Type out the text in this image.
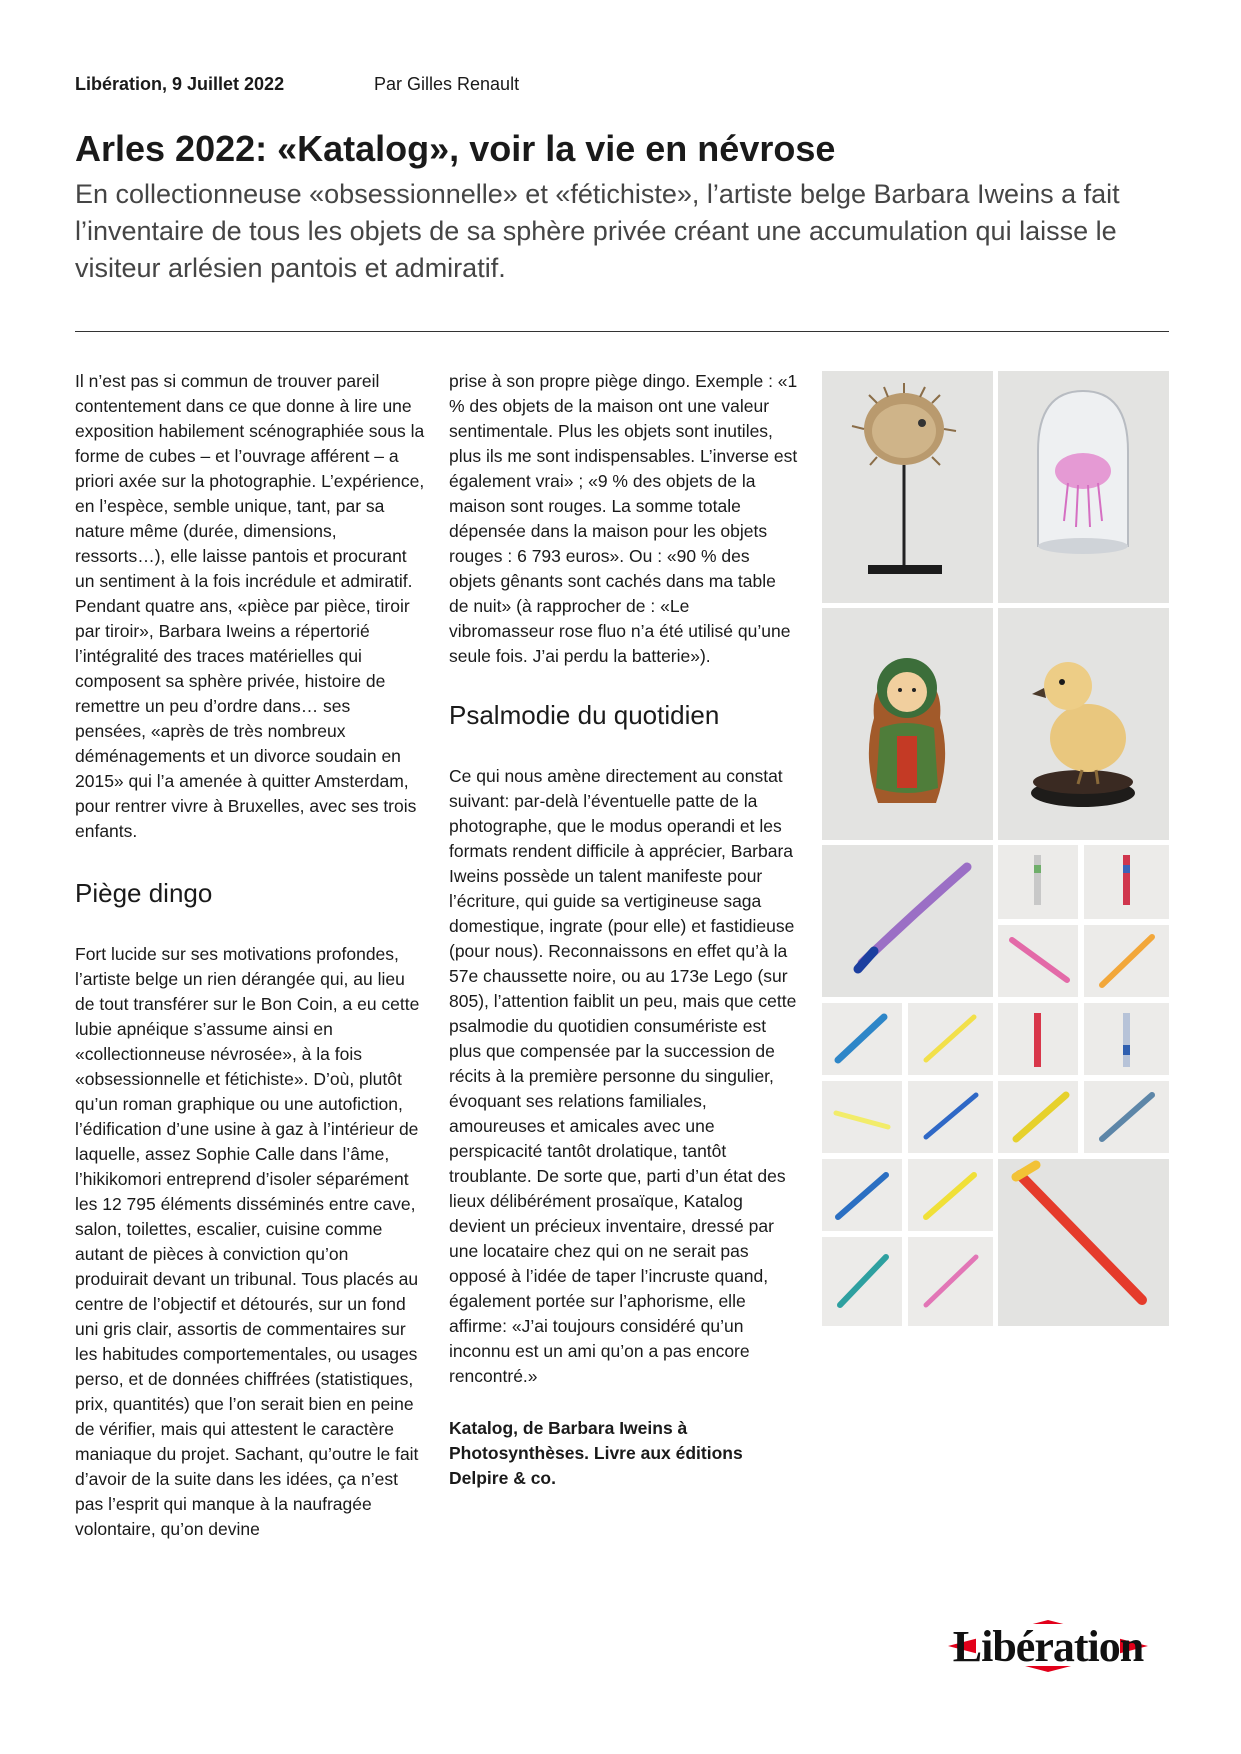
Libération, 9 Juillet 2022	Par Gilles Renault
Arles 2022: «Katalog», voir la vie en névrose

En collectionneuse «obsessionnelle» et «fétichiste», l’artiste belge Barbara Iweins a fait l’inventaire de tous les objets de sa sphère privée créant une accumulation qui laisse le visiteur arlésien pantois et admiratif.

Il n’est pas si commun de trouver pareil contentement dans ce que donne à lire une exposition habilement scénographiée sous la forme de cubes – et l’ouvrage afférent – a priori axée sur la photographie. L’expérience, en l’espèce, semble unique, tant, par sa nature même (durée, dimensions, ressorts…), elle laisse pantois et procurant un sentiment à la fois incrédule et admiratif. Pendant quatre ans, «pièce par pièce, tiroir par tiroir», Barbara Iweins a répertorié l’intégralité des traces matérielles qui composent sa sphère privée, histoire de remettre un peu d’ordre dans… ses pensées, «après de très nombreux déménagements et un divorce soudain en 2015» qui l’a amenée à quitter Amsterdam, pour rentrer vivre à Bruxelles, avec ses trois enfants.

Piège dingo

Fort lucide sur ses motivations profondes, l’artiste belge un rien dérangée qui, au lieu de tout transférer sur le Bon Coin, a eu cette lubie apnéique s’assume ainsi en «collectionneuse névrosée», à la fois «obsessionnelle et fétichiste». D’où, plutôt qu’un roman graphique ou une autofiction, l’édification d’une usine à gaz à l’intérieur de laquelle, assez Sophie Calle dans l’âme, l’hikikomori entreprend d’isoler séparément les 12 795 éléments disséminés entre cave, salon, toilettes, escalier, cuisine comme autant de pièces à conviction qu’on produirait devant un tribunal. Tous placés au centre de l’objectif et détourés, sur un fond uni gris clair, assortis de commentaires sur les habitudes comportementales, ou usages perso, et de données chiffrées (statistiques, prix, quantités) que l’on serait bien en peine de vérifier, mais qui attestent le caractère maniaque du projet. Sachant, qu’outre le fait d’avoir de la suite dans les idées, ça n’est pas l’esprit qui manque à la naufragée volontaire, qu’on devine

prise à son propre piège dingo. Exemple : «1 % des objets de la maison ont une valeur sentimentale. Plus les objets sont inutiles, plus ils me sont indispensables. L’inverse est également vrai» ; «9 % des objets de la maison sont rouges. La somme totale dépensée dans la maison pour les objets rouges : 6 793 euros». Ou : «90 % des objets gênants sont cachés dans ma table de nuit» (à rapprocher de : «Le vibromasseur rose fluo n’a été utilisé qu’une seule fois. J’ai perdu la batterie»).

Psalmodie du quotidien

Ce qui nous amène directement au constat suivant: par-delà l’éventuelle patte de la photographe, que le modus operandi et les formats rendent difficile à apprécier, Barbara Iweins possède un talent manifeste pour l’écriture, qui guide sa vertigineuse saga domestique, ingrate (pour elle) et fastidieuse (pour nous). Reconnaissons en effet qu’à la 57e chaussette noire, ou au 173e Lego (sur 805), l’attention faiblit un peu, mais que cette psalmodie du quotidien consumériste est plus que compensée par la succession de récits à la première personne du singulier, évoquant ses relations familiales, amoureuses et amicales avec une perspicacité tantôt drolatique, tantôt troublante. De sorte que, parti d’un état des lieux délibérément prosaïque, Katalog devient un précieux inventaire, dressé par une locataire chez qui on ne serait pas opposé à l’idée de taper l’incruste quand, également portée sur l’aphorisme, elle affirme: «J’ai toujours considéré qu’un inconnu est un ami qu’on a pas encore rencontré.»

Katalog, de Barbara Iweins à Photosynthèses. Livre aux éditions Delpire & co.

Libération
